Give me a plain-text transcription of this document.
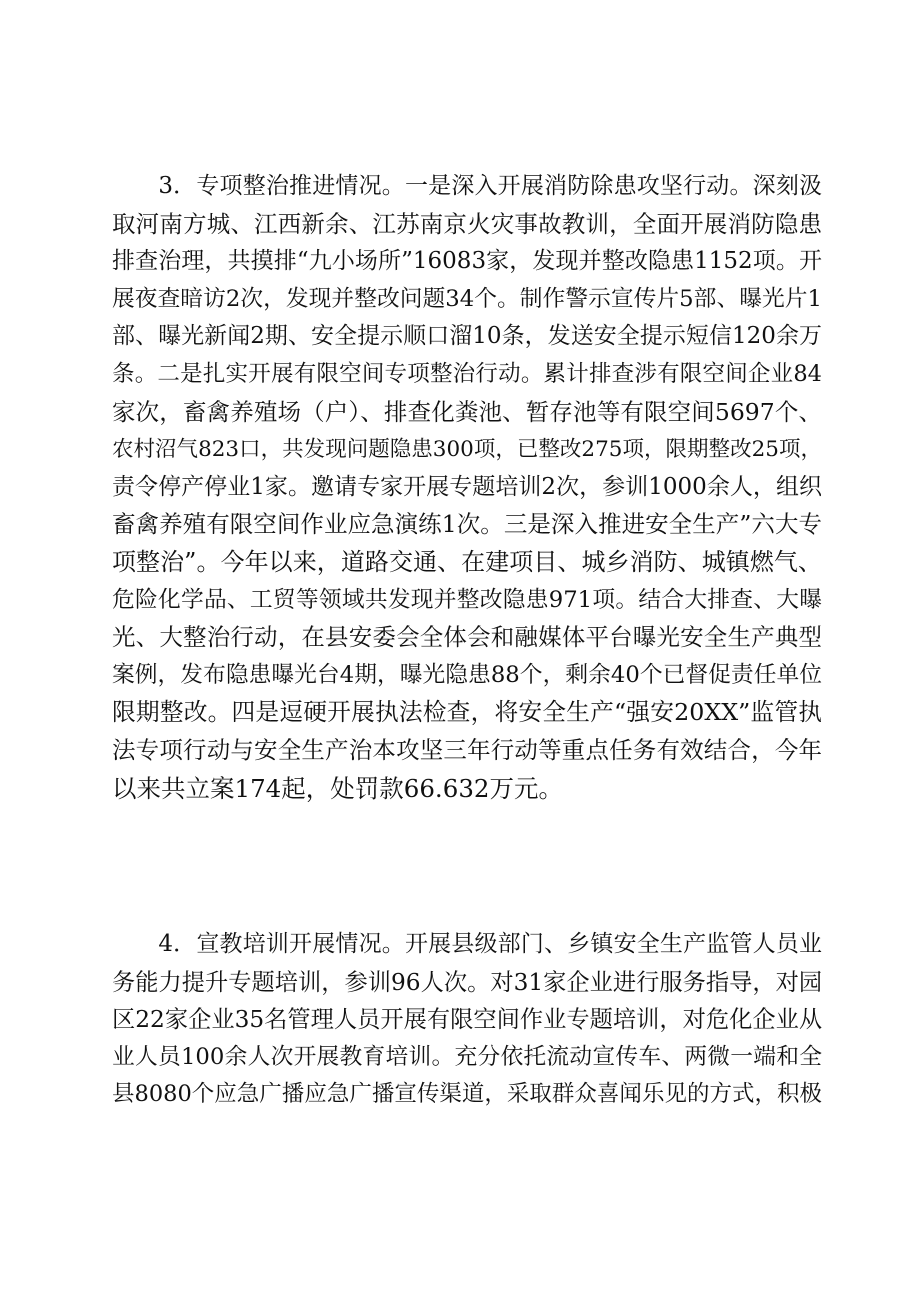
　　3．专项整治推进情况。一是深入开展消防除患攻坚行动。深刻汲
取河南方城、江西新余、江苏南京火灾事故教训，全面开展消防隐患
排查治理，共摸排“九小场所”16083家，发现并整改隐患1152项。开
展夜查暗访2次，发现并整改问题34个。制作警示宣传片5部、曝光片1
部、曝光新闻2期、安全提示顺口溜10条，发送安全提示短信120余万
条。二是扎实开展有限空间专项整治行动。累计排查涉有限空间企业84
家次，畜禽养殖场（户）、排查化粪池、暂存池等有限空间5697个、
农村沼气823口，共发现问题隐患300项，已整改275项，限期整改25项，
责令停产停业1家。邀请专家开展专题培训2次，参训1000余人，组织
畜禽养殖有限空间作业应急演练1次。三是深入推进安全生产”六大专
项整治”。今年以来，道路交通、在建项目、城乡消防、城镇燃气、
危险化学品、工贸等领域共发现并整改隐患971项。结合大排查、大曝
光、大整治行动，在县安委会全体会和融媒体平台曝光安全生产典型
案例，发布隐患曝光台4期，曝光隐患88个，剩余40个已督促责任单位
限期整改。四是逗硬开展执法检查，将安全生产“强安20XX”监管执
法专项行动与安全生产治本攻坚三年行动等重点任务有效结合，今年
以来共立案174起，处罚款66.632万元。
　　4．宣教培训开展情况。开展县级部门、乡镇安全生产监管人员业
务能力提升专题培训，参训96人次。对31家企业进行服务指导，对园
区22家企业35名管理人员开展有限空间作业专题培训，对危化企业从
业人员100余人次开展教育培训。充分依托流动宣传车、两微一端和全
县8080个应急广播应急广播宣传渠道，采取群众喜闻乐见的方式，积极
